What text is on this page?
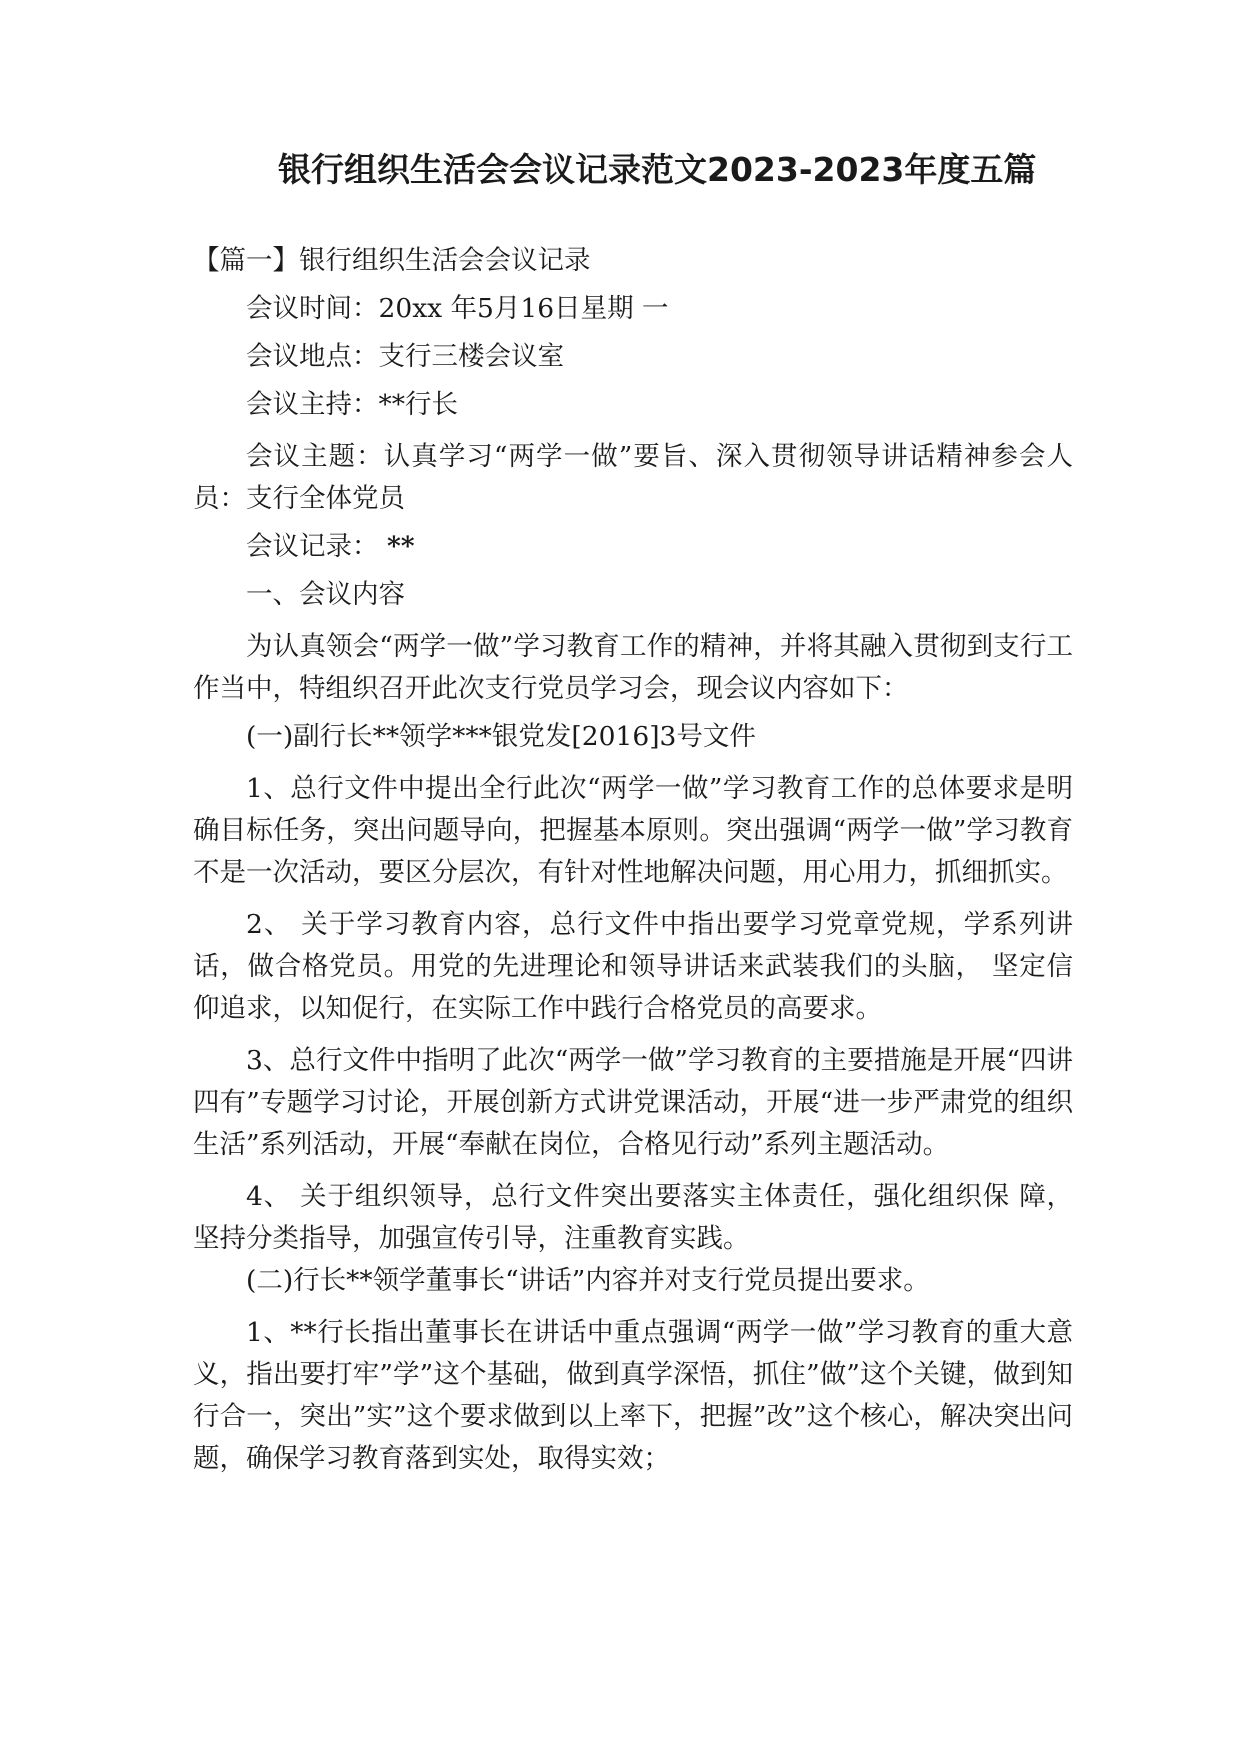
银行组织生活会会议记录范文2023-2023年度五篇

【篇一】银行组织生活会会议记录

会议时间：20xx 年5月16日星期 一

会议地点：支行三楼会议室

会议主持：**行长

会议主题：认真学习“两学一做”要旨、深入贯彻领导讲话精神参会人员：支行全体党员

会议记录： **

一、会议内容

为认真领会“两学一做”学习教育工作的精神，并将其融入贯彻到支行工作当中，特组织召开此次支行党员学习会，现会议内容如下：

(一)副行长**领学***银党发[2016]3号文件

1、总行文件中提出全行此次“两学一做”学习教育工作的总体要求是明确目标任务，突出问题导向，把握基本原则。突出强调“两学一做”学习教育不是一次活动，要区分层次，有针对性地解决问题，用心用力，抓细抓实。

2、 关于学习教育内容，总行文件中指出要学习党章党规，学系列讲话，做合格党员。用党的先进理论和领导讲话来武装我们的头脑， 坚定信仰追求，以知促行，在实际工作中践行合格党员的高要求。

3、总行文件中指明了此次“两学一做”学习教育的主要措施是开展“四讲四有”专题学习讨论，开展创新方式讲党课活动，开展“进一步严肃党的组织生活”系列活动，开展“奉献在岗位，合格见行动”系列主题活动。

4、 关于组织领导，总行文件突出要落实主体责任，强化组织保 障，坚持分类指导，加强宣传引导，注重教育实践。

(二)行长**领学董事长“讲话”内容并对支行党员提出要求。

1、**行长指出董事长在讲话中重点强调“两学一做”学习教育的重大意义，指出要打牢”学”这个基础，做到真学深悟，抓住”做”这个关键，做到知行合一，突出”实”这个要求做到以上率下，把握”改”这个核心，解决突出问题，确保学习教育落到实处，取得实效；
